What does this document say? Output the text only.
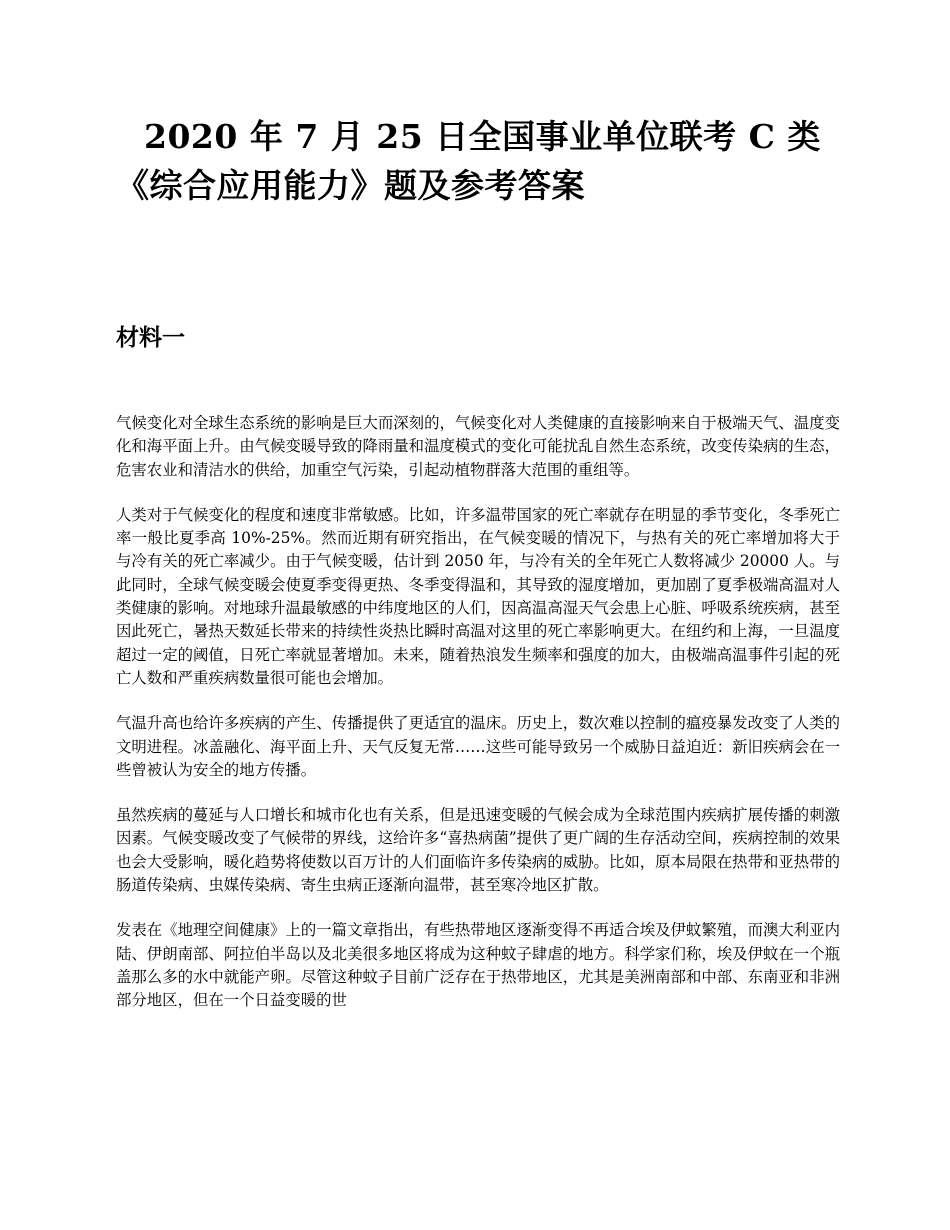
2020 年 7 月 25 日全国事业单位联考 C 类
《综合应用能力》题及参考答案
材料一

气候变化对全球生态系统的影响是巨大而深刻的，气候变化对人类健康的直接影响来自于极端天气、温度变化和海平面上升。由气候变暖导致的降雨量和温度模式的变化可能扰乱自然生态系统，改变传染病的生态，危害农业和清洁水的供给，加重空气污染，引起动植物群落大范围的重组等。

人类对于气候变化的程度和速度非常敏感。比如，许多温带国家的死亡率就存在明显的季节变化，冬季死亡率一般比夏季高 10%-25%。然而近期有研究指出，在气候变暖的情况下，与热有关的死亡率增加将大于与冷有关的死亡率减少。由于气候变暖，估计到 2050 年，与冷有关的全年死亡人数将减少 20000 人。与此同时，全球气候变暖会使夏季变得更热、冬季变得温和，其导致的湿度增加，更加剧了夏季极端高温对人类健康的影响。对地球升温最敏感的中纬度地区的人们，因高温高湿天气会患上心脏、呼吸系统疾病，甚至因此死亡，暑热天数延长带来的持续性炎热比瞬时高温对这里的死亡率影响更大。在纽约和上海，一旦温度超过一定的阈值，日死亡率就显著增加。未来，随着热浪发生频率和强度的加大，由极端高温事件引起的死亡人数和严重疾病数量很可能也会增加。

气温升高也给许多疾病的产生、传播提供了更适宜的温床。历史上，数次难以控制的瘟疫暴发改变了人类的文明进程。冰盖融化、海平面上升、天气反复无常……这些可能导致另一个威胁日益迫近：新旧疾病会在一些曾被认为安全的地方传播。

虽然疾病的蔓延与人口增长和城市化也有关系，但是迅速变暖的气候会成为全球范围内疾病扩展传播的刺激因素。气候变暖改变了气候带的界线，这给许多“喜热病菌”提供了更广阔的生存活动空间，疾病控制的效果也会大受影响，暖化趋势将使数以百万计的人们面临许多传染病的威胁。比如，原本局限在热带和亚热带的肠道传染病、虫媒传染病、寄生虫病正逐渐向温带，甚至寒冷地区扩散。

发表在《地理空间健康》上的一篇文章指出，有些热带地区逐渐变得不再适合埃及伊蚊繁殖，而澳大利亚内陆、伊朗南部、阿拉伯半岛以及北美很多地区将成为这种蚊子肆虐的地方。科学家们称，埃及伊蚊在一个瓶盖那么多的水中就能产卵。尽管这种蚊子目前广泛存在于热带地区，尤其是美洲南部和中部、东南亚和非洲部分地区，但在一个日益变暖的世
